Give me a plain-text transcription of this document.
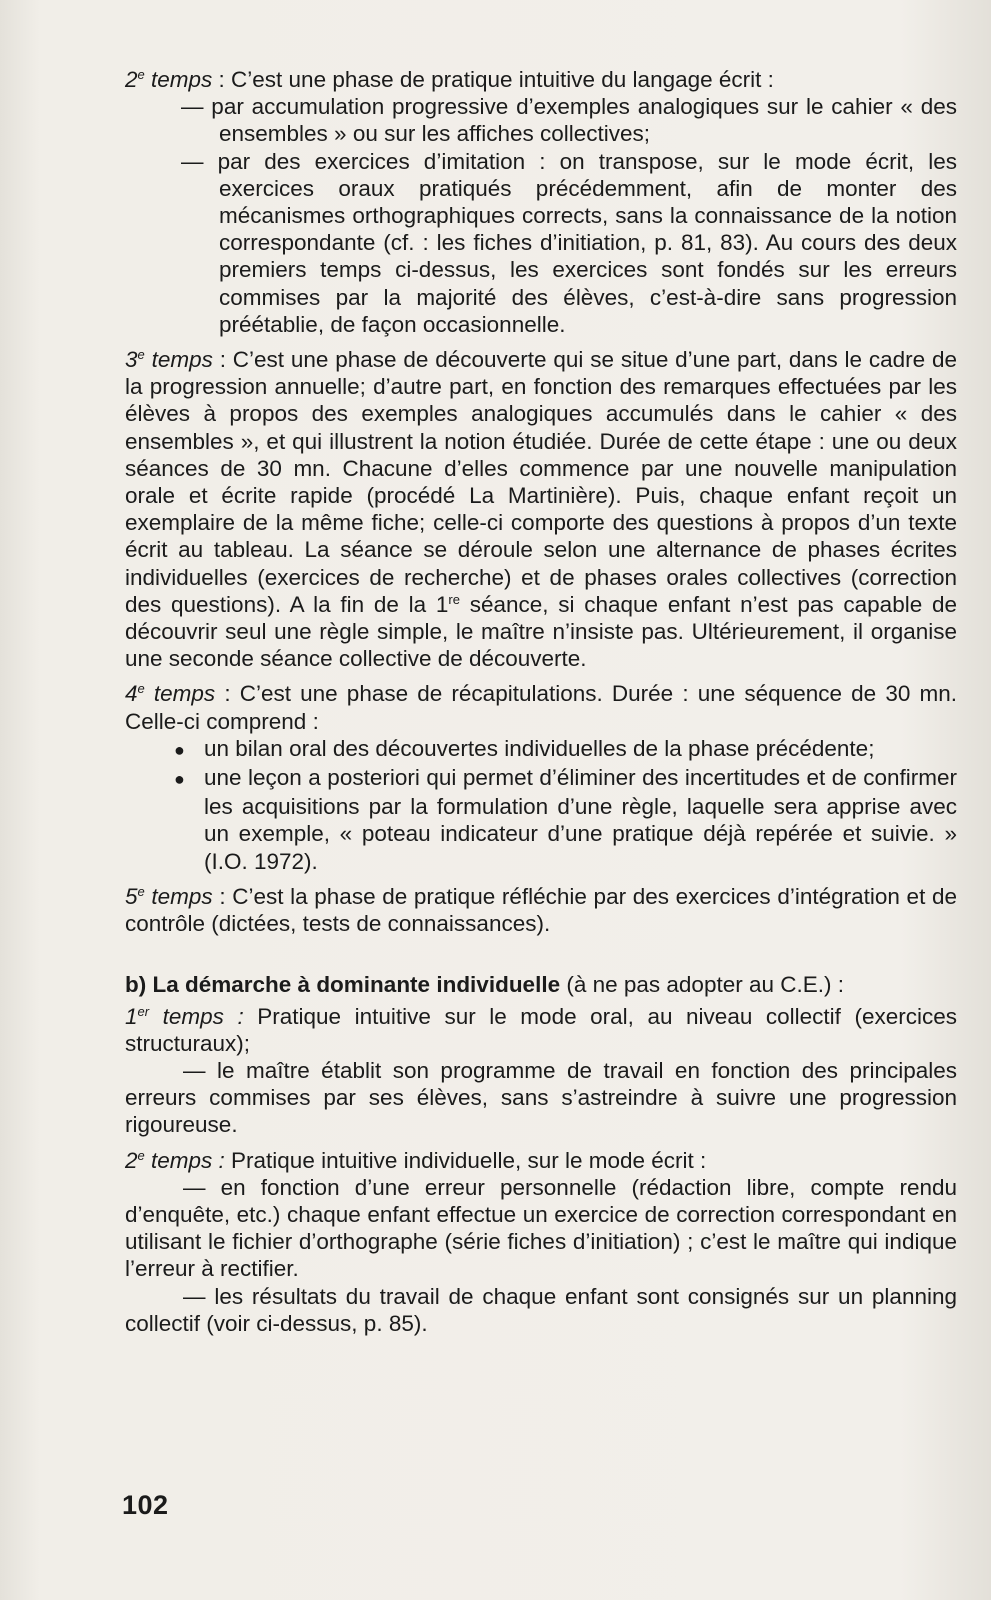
2e temps : C’est une phase de pratique intuitive du langage écrit :

— par accumulation progressive d’exemples analogiques sur le cahier « des ensembles » ou sur les affiches collectives;

— par des exercices d’imitation : on transpose, sur le mode écrit, les exercices oraux pratiqués précédemment, afin de monter des mécanismes orthographiques corrects, sans la connaissance de la notion correspondante (cf. : les fiches d’initiation, p. 81, 83). Au cours des deux premiers temps ci-dessus, les exercices sont fondés sur les erreurs commises par la majorité des élèves, c’est-à-dire sans progression préétablie, de façon occasionnelle.

3e temps : C’est une phase de découverte qui se situe d’une part, dans le cadre de la progression annuelle; d’autre part, en fonction des remarques effectuées par les élèves à propos des exemples analogiques accumulés dans le cahier « des ensembles », et qui illustrent la notion étudiée. Durée de cette étape : une ou deux séances de 30 mn. Chacune d’elles commence par une nouvelle manipulation orale et écrite rapide (procédé La Martinière). Puis, chaque enfant reçoit un exemplaire de la même fiche; celle-ci comporte des questions à propos d’un texte écrit au tableau. La séance se déroule selon une alternance de phases écrites individuelles (exercices de recherche) et de phases orales collectives (correction des questions). A la fin de la 1re séance, si chaque enfant n’est pas capable de découvrir seul une règle simple, le maître n’insiste pas. Ultérieurement, il organise une seconde séance collective de découverte.

4e temps : C’est une phase de récapitulations. Durée : une séquence de 30 mn. Celle-ci comprend :

● un bilan oral des découvertes individuelles de la phase précédente;

● une leçon a posteriori qui permet d’éliminer des incertitudes et de confirmer les acquisitions par la formulation d’une règle, laquelle sera apprise avec un exemple, « poteau indicateur d’une pratique déjà repérée et suivie. » (I.O. 1972).

5e temps : C’est la phase de pratique réfléchie par des exercices d’intégration et de contrôle (dictées, tests de connaissances).

b) La démarche à dominante individuelle (à ne pas adopter au C.E.) :

1er temps : Pratique intuitive sur le mode oral, au niveau collectif (exercices structuraux);

— le maître établit son programme de travail en fonction des principales erreurs commises par ses élèves, sans s’astreindre à suivre une progression rigoureuse.

2e temps : Pratique intuitive individuelle, sur le mode écrit :

— en fonction d’une erreur personnelle (rédaction libre, compte rendu d’enquête, etc.) chaque enfant effectue un exercice de correction correspondant en utilisant le fichier d’orthographe (série fiches d’initiation) ; c’est le maître qui indique l’erreur à rectifier.

— les résultats du travail de chaque enfant sont consignés sur un planning collectif (voir ci-dessus, p. 85).

102
